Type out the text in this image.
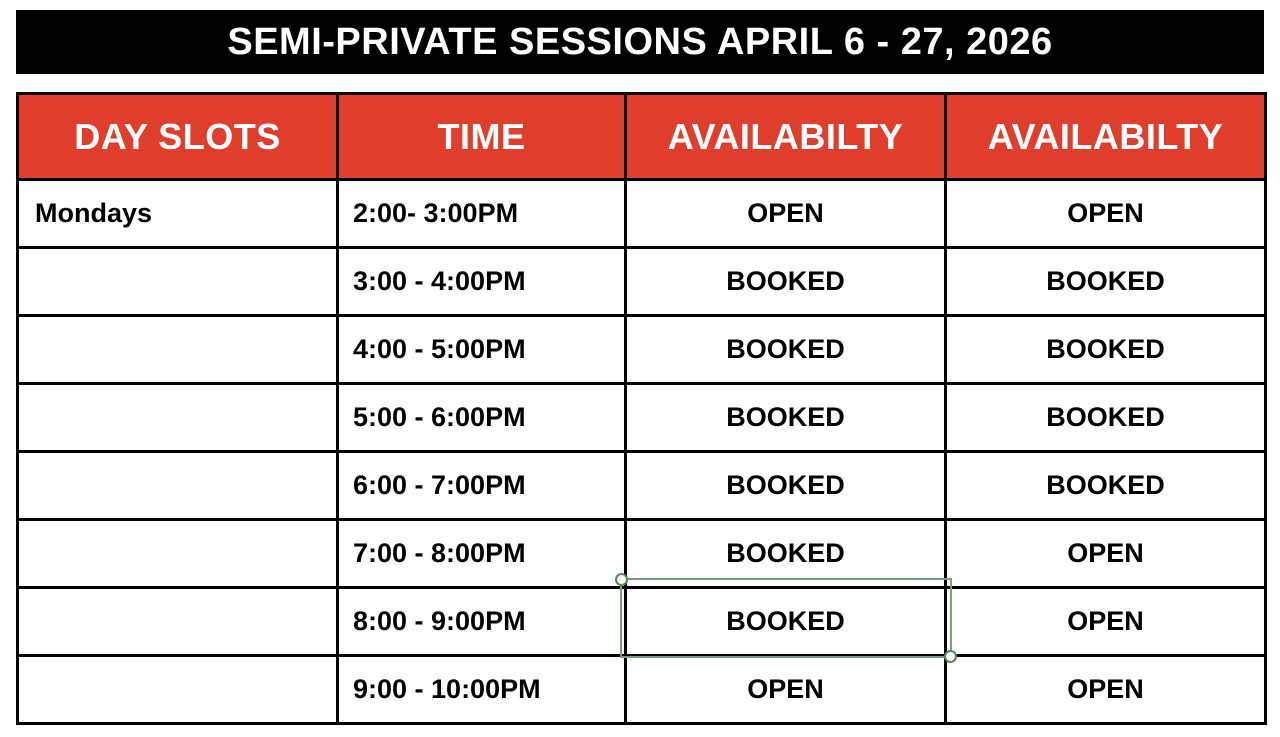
SEMI-PRIVATE SESSIONS APRIL 6 - 27, 2026
DAY SLOTS	TIME	AVAILABILTY	AVAILABILTY
Mondays	2:00- 3:00PM	OPEN	OPEN
	3:00 - 4:00PM	BOOKED	BOOKED
	4:00 - 5:00PM	BOOKED	BOOKED
	5:00 - 6:00PM	BOOKED	BOOKED
	6:00 - 7:00PM	BOOKED	BOOKED
	7:00 - 8:00PM	BOOKED	OPEN
	8:00 - 9:00PM	BOOKED	OPEN
	9:00 - 10:00PM	OPEN	OPEN
